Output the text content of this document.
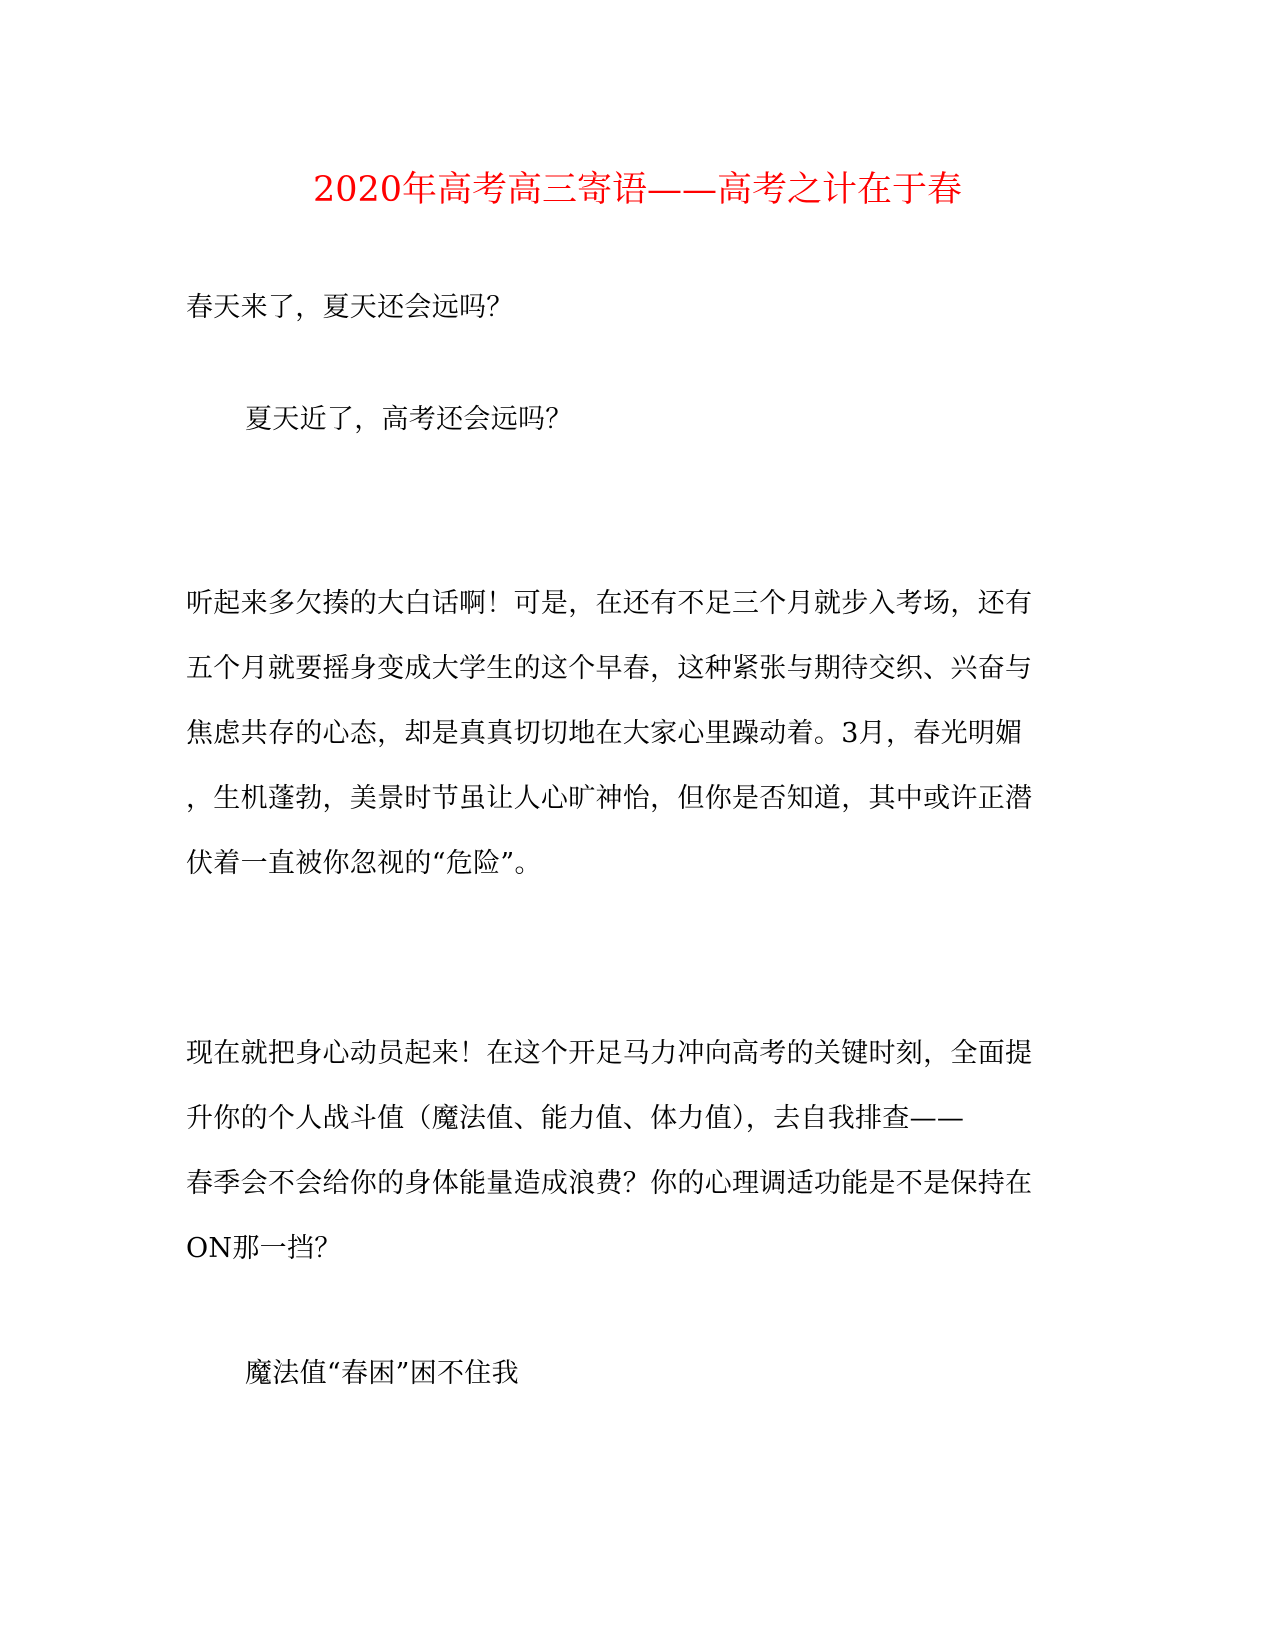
2020年高考高三寄语——高考之计在于春
春天来了，夏天还会远吗？
夏天近了，高考还会远吗？
听起来多欠揍的大白话啊！可是，在还有不足三个月就步入考场，还有
五个月就要摇身变成大学生的这个早春，这种紧张与期待交织、兴奋与
焦虑共存的心态，却是真真切切地在大家心里躁动着。3月，春光明媚
，生机蓬勃，美景时节虽让人心旷神怡，但你是否知道，其中或许正潜
伏着一直被你忽视的“危险”。
现在就把身心动员起来！在这个开足马力冲向高考的关键时刻，全面提
升你的个人战斗值（魔法值、能力值、体力值），去自我排查——
春季会不会给你的身体能量造成浪费？你的心理调适功能是不是保持在
ON那一挡？
魔法值“春困”困不住我
